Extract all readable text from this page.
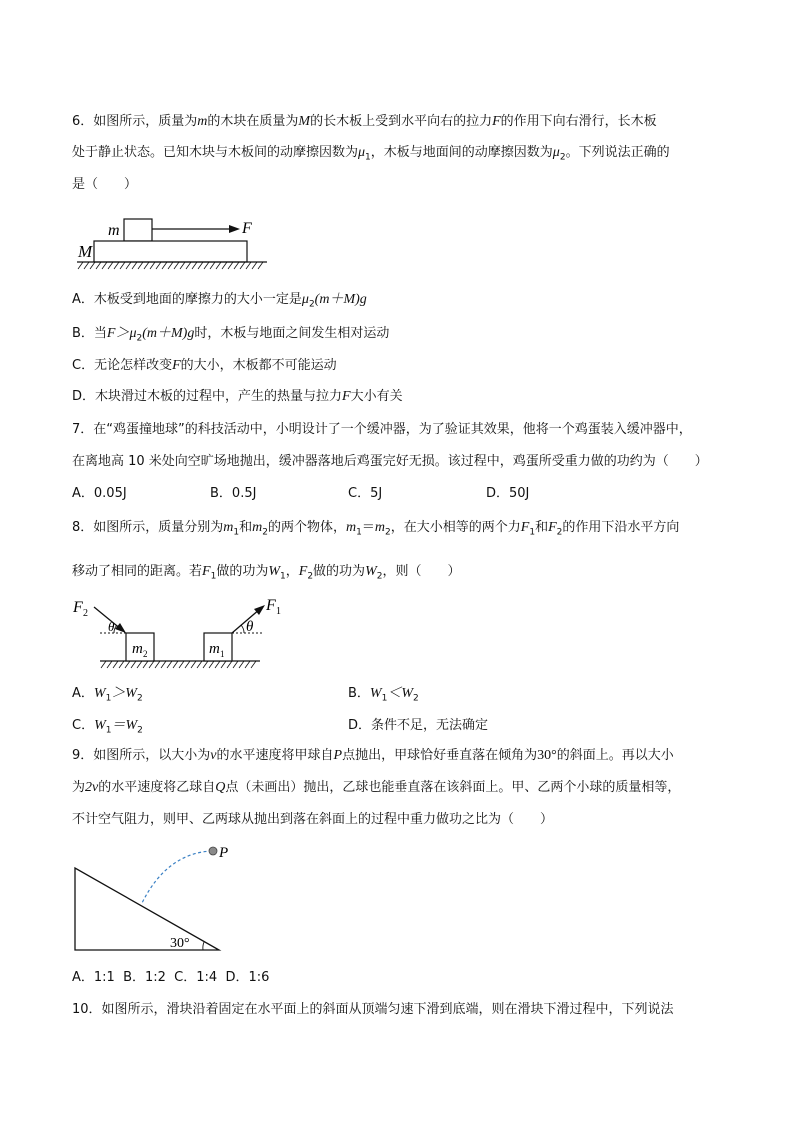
6．如图所示，质量为m的木块在质量为M的长木板上受到水平向右的拉力F的作用下向右滑行，长木板
处于静止状态。已知木块与木板间的动摩擦因数为$\mu_1$，木板与地面间的动摩擦因数为$\mu_2$。下列说法正确的
是（　　）
m
M
F
A．木板受到地面的摩擦力的大小一定是$\mu_2(m+M)g$
B．当$F>\mu_2(m+M)g$时，木板与地面之间发生相对运动
C．无论怎样改变F的大小，木板都不可能运动
D．木块滑过木板的过程中，产生的热量与拉力F大小有关
7．在“鸡蛋撞地球”的科技活动中，小明设计了一个缓冲器，为了验证其效果，他将一个鸡蛋装入缓冲器中，
在离地高 10 米处向空旷场地抛出，缓冲器落地后鸡蛋完好无损。该过程中，鸡蛋所受重力做的功约为（　　）
A．0.05J	B．0.5J	C．5J	D．50J
8．如图所示，质量分别为$m_1$和$m_2$的两个物体，$m_1=m_2$，在大小相等的两个力$F_1$和$F_2$的作用下沿水平方向
移动了相同的距离。若$F_1$做的功为$W_1$，$F_2$做的功为$W_2$，则（　　）
F 2	F 1
θ	θ
m 2	m 1
A．$W_1>W_2$	B．$W_1<W_2$
C．$W_1=W_2$	D．条件不足，无法确定
9．如图所示，以大小为v的水平速度将甲球自P点抛出，甲球恰好垂直落在倾角为30°的斜面上。再以大小
为2v的水平速度将乙球自Q点（未画出）抛出，乙球也能垂直落在该斜面上。甲、乙两个小球的质量相等，
不计空气阻力，则甲、乙两球从抛出到落在斜面上的过程中重力做功之比为（　　）
P
30°
A．1:1  B．1:2  C．1:4  D．1:6
10．如图所示，滑块沿着固定在水平面上的斜面从顶端匀速下滑到底端，则在滑块下滑过程中，下列说法
